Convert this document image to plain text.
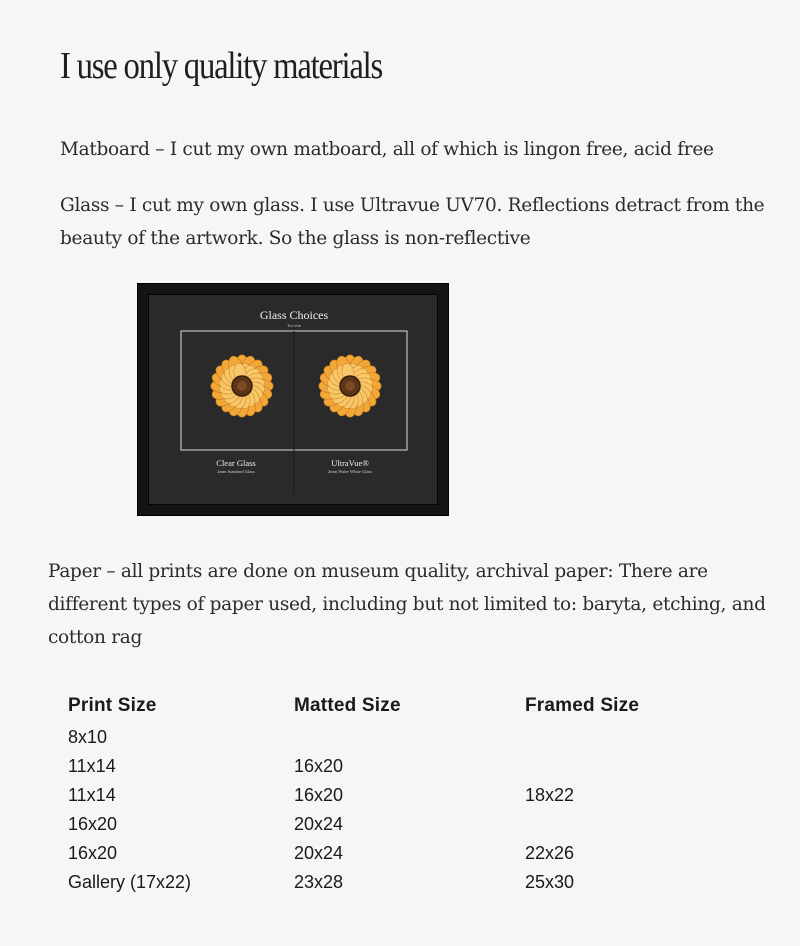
I use only quality materials

Matboard – I cut my own matboard, all of which is lingon free, acid free

Glass – I cut my own glass. I use Ultravue UV70. Reflections detract from the beauty of the artwork. So the glass is non-reflective

Glass Choices
Tru Vue
Clear Glass
2mm Standard Glass
UltraVue®
2mm Water White Glass

Paper – all prints are done on museum quality, archival paper: There are different types of paper used, including but not limited to: baryta, etching, and cotton rag

Print Size	Matted Size	Framed Size
8x10		
11x14	16x20	
11x14	16x20	18x22
16x20	20x24	
16x20	20x24	22x26
Gallery (17x22)	23x28	25x30
